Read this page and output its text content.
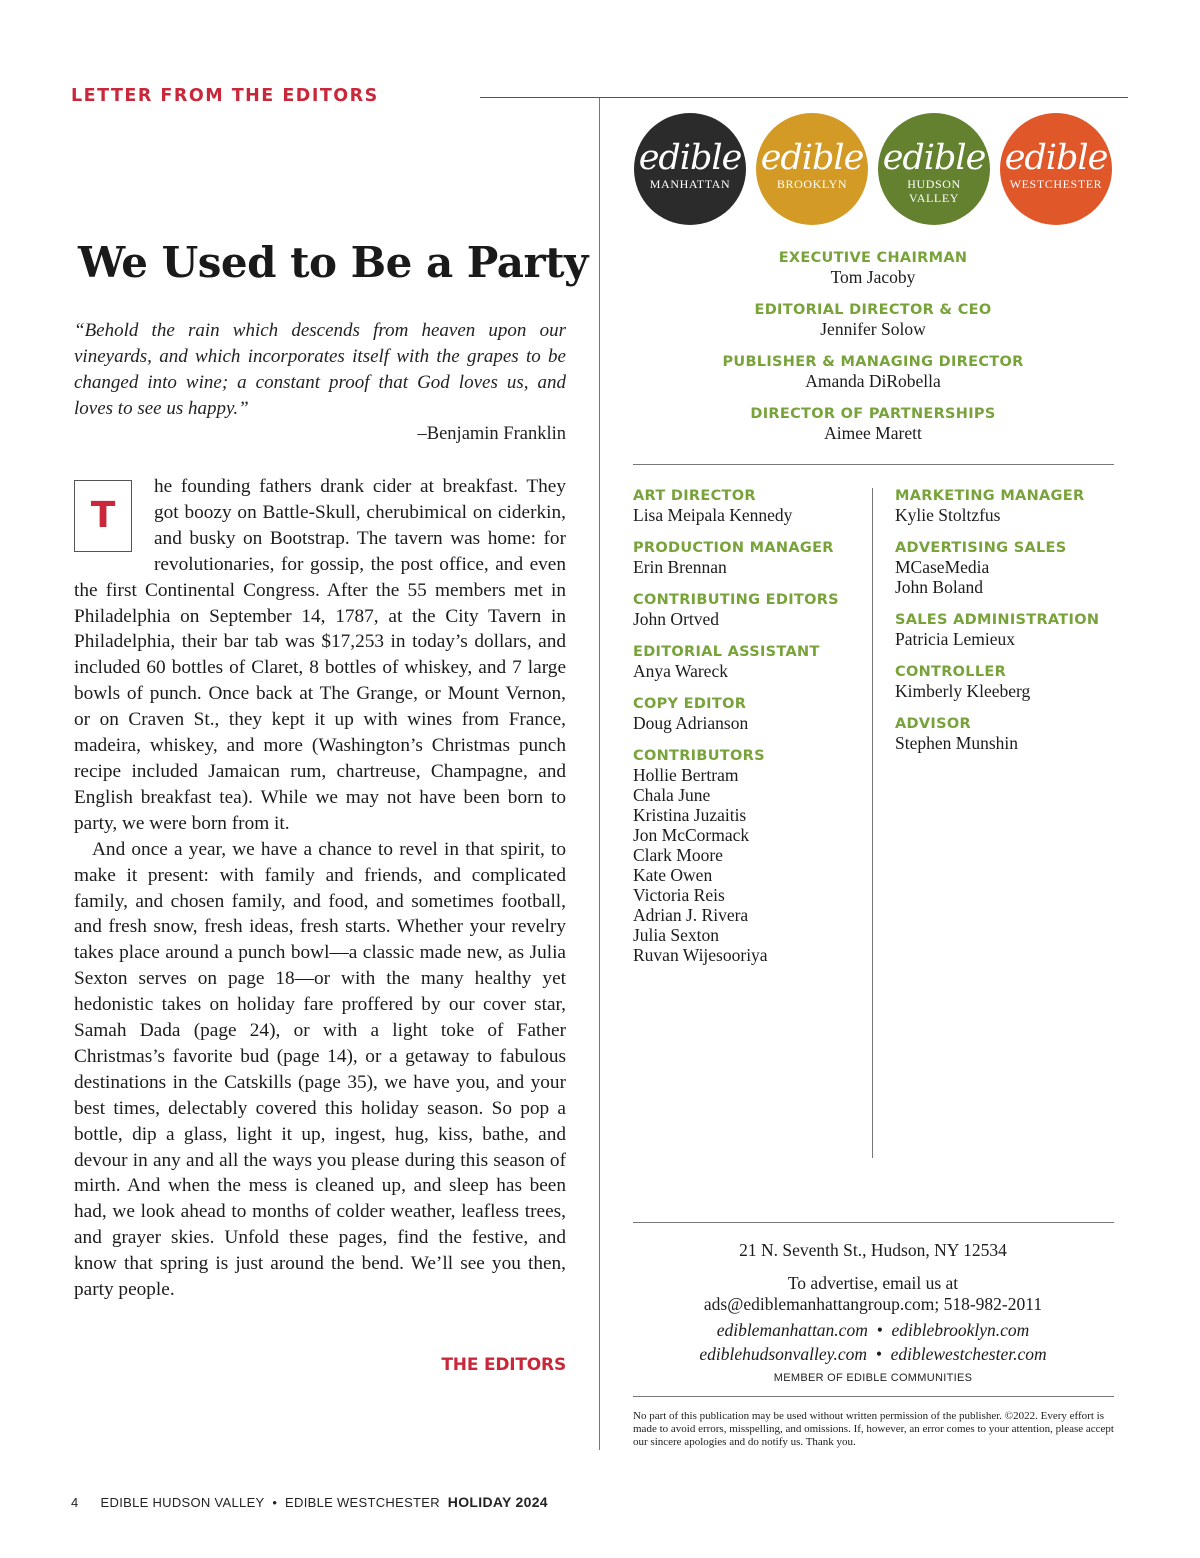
LETTER FROM THE EDITORS
We Used to Be a Party
“Behold the rain which descends from heaven upon our vineyards, and which incorporates itself with the grapes to be changed into wine; a constant proof that God loves us, and loves to see us happy.”
–Benjamin Franklin
T

he founding fathers drank cider at breakfast. They got boozy on Battle-Skull, cherubimical on ciderkin, and busky on Bootstrap. The tavern was home: for revolutionaries, for gossip, the post office, and even the first Continental Congress. After the 55 members met in Philadelphia on September 14, 1787, at the City Tavern in Philadelphia, their bar tab was $17,253 in today’s dollars, and included 60 bottles of Claret, 8 bottles of whiskey, and 7 large bowls of punch. Once back at The Grange, or Mount Vernon, or on Craven St., they kept it up with wines from France, madeira, whiskey, and more (Washington’s Christmas punch recipe included Jamaican rum, chartreuse, Champagne, and English breakfast tea). While we may not have been born to party, we were born from it.

And once a year, we have a chance to revel in that spirit, to make it present: with family and friends, and complicated family, and chosen family, and food, and sometimes football, and fresh snow, fresh ideas, fresh starts. Whether your revelry takes place around a punch bowl—a classic made new, as Julia Sexton serves on page 18—or with the many healthy yet hedonistic takes on holiday fare proffered by our cover star, Samah Dada (page 24), or with a light toke of Father Christmas’s favorite bud (page 14), or a getaway to fabulous destinations in the Catskills (page 35), we have you, and your best times, delectably covered this holiday season. So pop a bottle, dip a glass, light it up, ingest, hug, kiss, bathe, and devour in any and all the ways you please during this season of mirth. And when the mess is cleaned up, and sleep has been had, we look ahead to months of colder weather, leafless trees, and grayer skies. Unfold these pages, find the festive, and know that spring is just around the bend. We’ll see you then, party people.

THE EDITORS
4 EDIBLE HUDSON VALLEY • EDIBLE WESTCHESTER HOLIDAY 2024
edible
MANHATTAN
edible
BROOKLYN
edible
HUDSON
VALLEY
edible
WESTCHESTER
EXECUTIVE CHAIRMAN
Tom Jacoby
EDITORIAL DIRECTOR & CEO
Jennifer Solow
PUBLISHER & MANAGING DIRECTOR
Amanda DiRobella
DIRECTOR OF PARTNERSHIPS
Aimee Marett
ART DIRECTOR
Lisa Meipala Kennedy
PRODUCTION MANAGER
Erin Brennan
CONTRIBUTING EDITORS
John Ortved
EDITORIAL ASSISTANT
Anya Wareck
COPY EDITOR
Doug Adrianson
CONTRIBUTORS
Hollie Bertram
Chala June
Kristina Juzaitis
Jon McCormack
Clark Moore
Kate Owen
Victoria Reis
Adrian J. Rivera
Julia Sexton
Ruvan Wijesooriya
MARKETING MANAGER
Kylie Stoltzfus
ADVERTISING SALES
MCaseMedia
John Boland
SALES ADMINISTRATION
Patricia Lemieux
CONTROLLER
Kimberly Kleeberg
ADVISOR
Stephen Munshin
21 N. Seventh St., Hudson, NY 12534
To advertise, email us at
ads@ediblemanhattangroup.com; 518-982-2011
ediblemanhattan.com  •  ediblebrooklyn.com
ediblehudsonvalley.com  •  ediblewestchester.com
MEMBER OF EDIBLE COMMUNITIES
No part of this publication may be used without written permission of the publisher. ©2022. Every effort is made to avoid errors, misspelling, and omissions. If, however, an error comes to your attention, please accept our sincere apologies and do notify us. Thank you.
